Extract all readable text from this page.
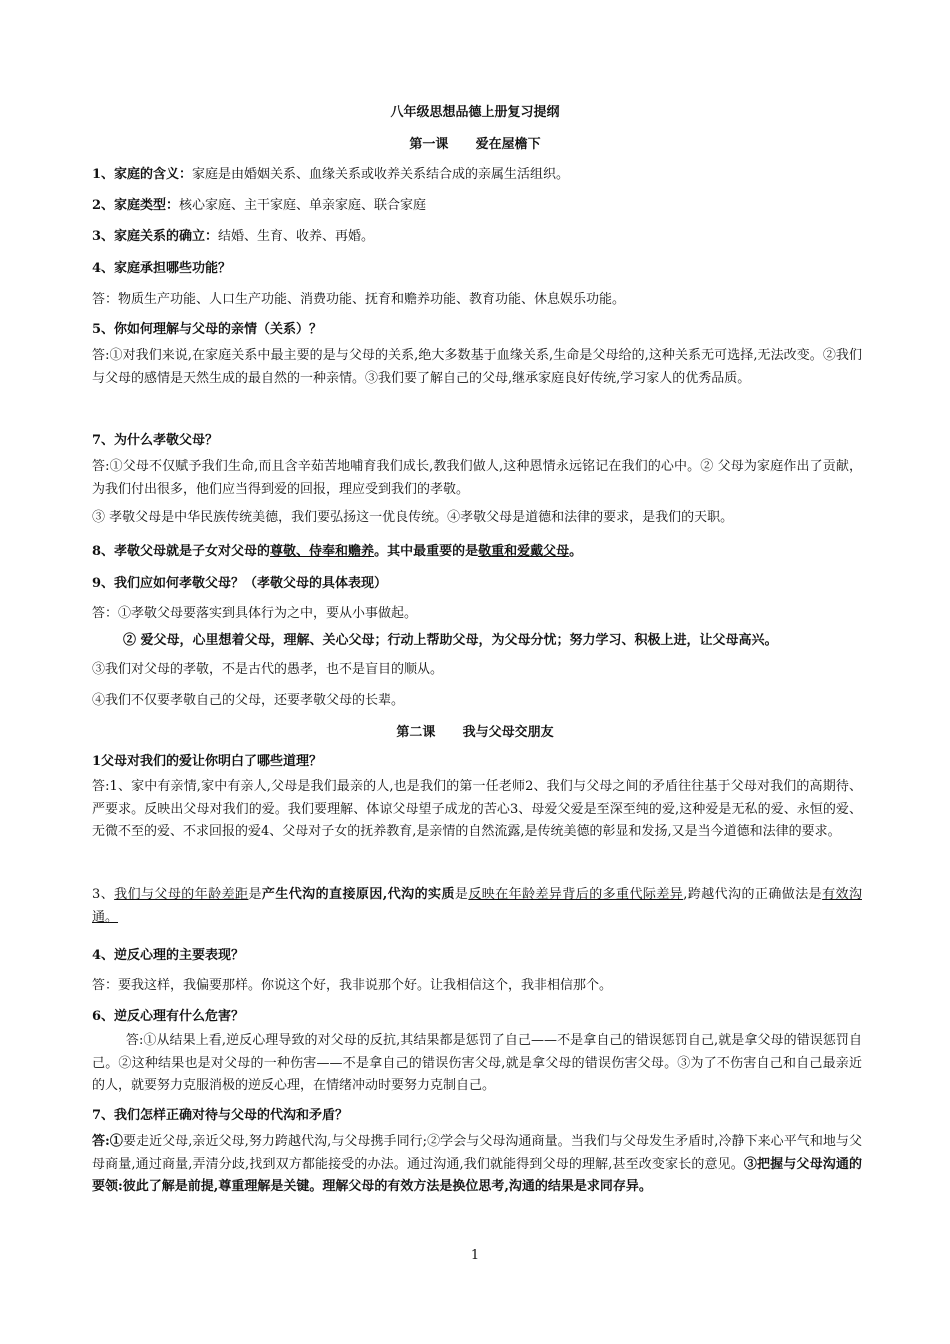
八年级思想品德上册复习提纲
第一课      爱在屋檐下
1、家庭的含义：家庭是由婚姻关系、血缘关系或收养关系结合成的亲属生活组织。
2、家庭类型：核心家庭、主干家庭、单亲家庭、联合家庭
3、家庭关系的确立：结婚、生育、收养、再婚。
4、家庭承担哪些功能？
答：物质生产功能、人口生产功能、消费功能、抚育和赡养功能、教育功能、休息娱乐功能。
5、你如何理解与父母的亲情（关系）？
答:①对我们来说,在家庭关系中最主要的是与父母的关系,绝大多数基于血缘关系,生命是父母给的,这种关系无可选择,无法改变。②我们与父母的感情是天然生成的最自然的一种亲情。③我们要了解自己的父母,继承家庭良好传统,学习家人的优秀品质。
7、为什么孝敬父母？
答:①父母不仅赋予我们生命,而且含辛茹苦地哺育我们成长,教我们做人,这种恩情永远铭记在我们的心中。② 父母为家庭作出了贡献，为我们付出很多，他们应当得到爱的回报，理应受到我们的孝敬。
③ 孝敬父母是中华民族传统美德，我们要弘扬这一优良传统。④孝敬父母是道德和法律的要求，是我们的天职。
8、孝敬父母就是子女对父母的尊敬、侍奉和赡养。其中最重要的是敬重和爱戴父母。
9、我们应如何孝敬父母？（孝敬父母的具体表现）
答：①孝敬父母要落实到具体行为之中，要从小事做起。
② 爱父母，心里想着父母，理解、关心父母；行动上帮助父母，为父母分忧；努力学习、积极上进，让父母高兴。
③我们对父母的孝敬，不是古代的愚孝，也不是盲目的顺从。
④我们不仅要孝敬自己的父母，还要孝敬父母的长辈。
第二课      我与父母交朋友
1父母对我们的爱让你明白了哪些道理？
答:1、家中有亲情,家中有亲人,父母是我们最亲的人,也是我们的第一任老师2、我们与父母之间的矛盾往往基于父母对我们的高期待、严要求。反映出父母对我们的爱。我们要理解、体谅父母望子成龙的苦心3、母爱父爱是至深至纯的爱,这种爱是无私的爱、永恒的爱、无微不至的爱、不求回报的爱4、父母对子女的抚养教育,是亲情的自然流露,是传统美德的彰显和发扬,又是当今道德和法律的要求。
3、我们与父母的年龄差距是产生代沟的直接原因,代沟的实质是反映在年龄差异背后的多重代际差异,跨越代沟的正确做法是有效沟通。
4、逆反心理的主要表现？
答：要我这样，我偏要那样。你说这个好，我非说那个好。让我相信这个，我非相信那个。
6、逆反心理有什么危害？
答:①从结果上看,逆反心理导致的对父母的反抗,其结果都是惩罚了自己——不是拿自己的错误惩罚自己,就是拿父母的错误惩罚自己。②这种结果也是对父母的一种伤害——不是拿自己的错误伤害父母,就是拿父母的错误伤害父母。③为了不伤害自己和自己最亲近的人，就要努力克服消极的逆反心理，在情绪冲动时要努力克制自己。
7、我们怎样正确对待与父母的代沟和矛盾？
答:①要走近父母,亲近父母,努力跨越代沟,与父母携手同行;②学会与父母沟通商量。当我们与父母发生矛盾时,冷静下来心平气和地与父母商量,通过商量,弄清分歧,找到双方都能接受的办法。通过沟通,我们就能得到父母的理解,甚至改变家长的意见。③把握与父母沟通的要领:彼此了解是前提,尊重理解是关键。理解父母的有效方法是换位思考,沟通的结果是求同存异。
1
